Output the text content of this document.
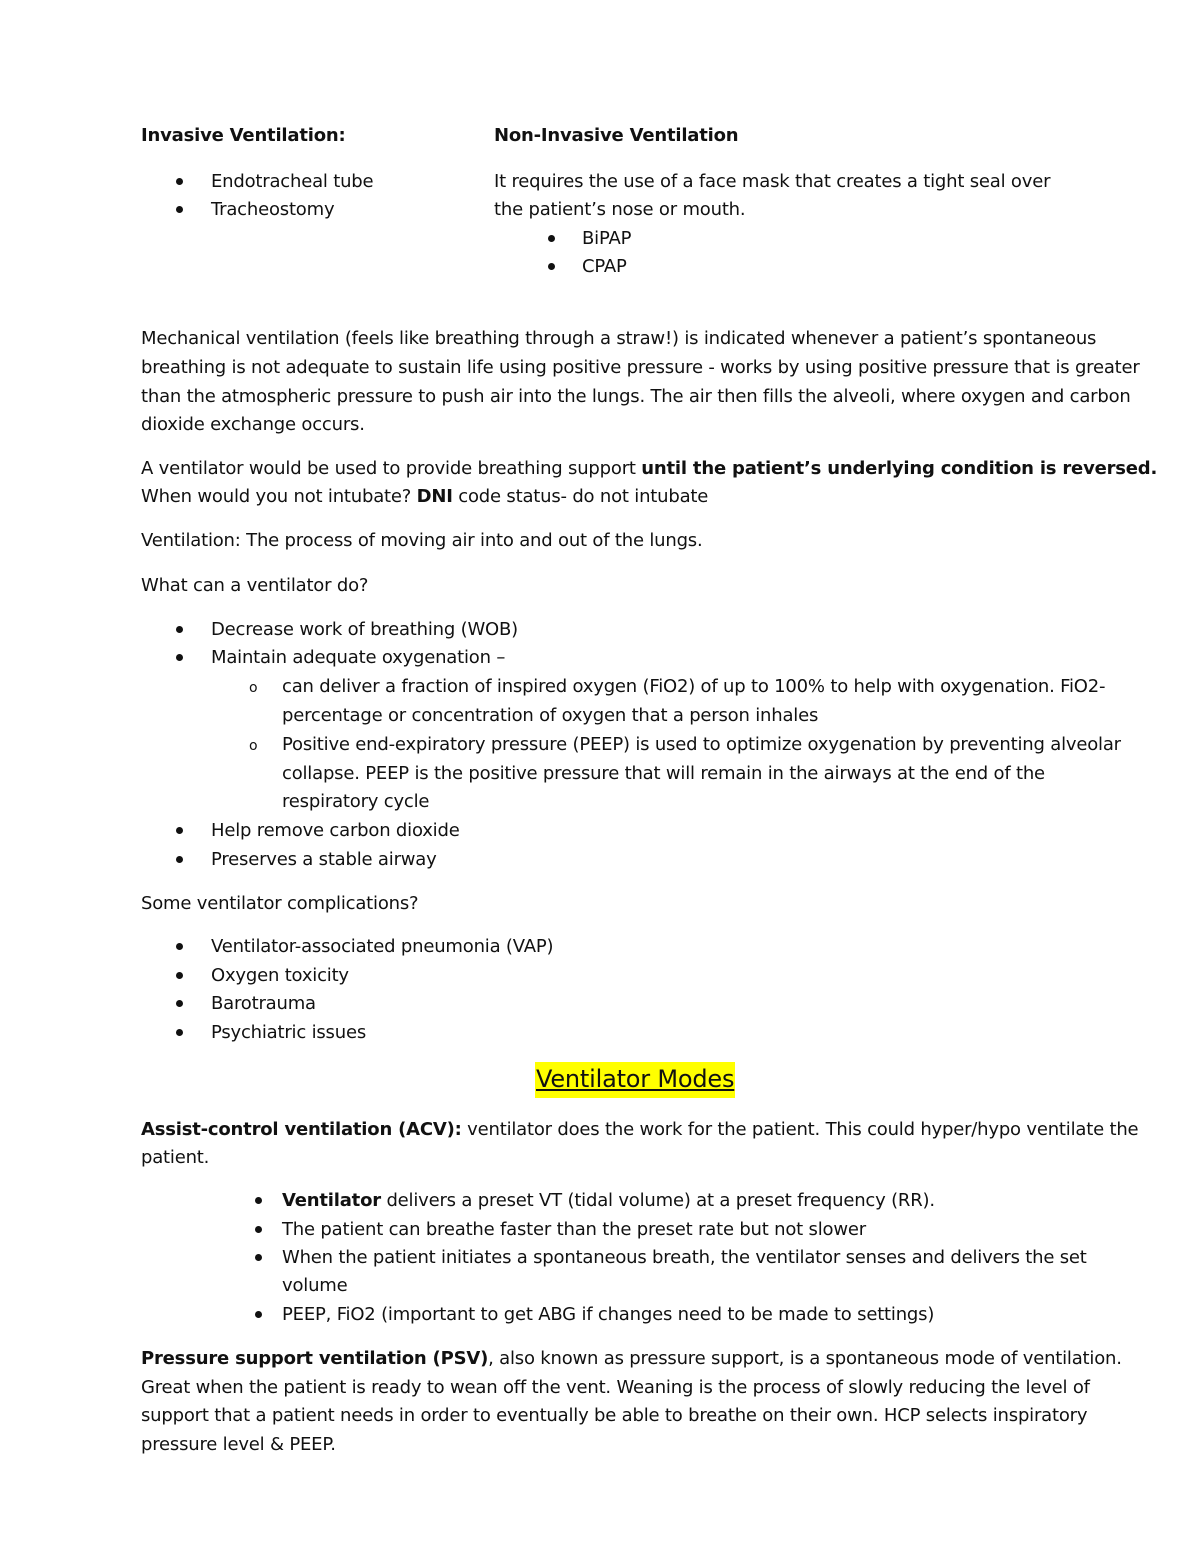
Invasive Ventilation:
Endotracheal tube
Tracheostomy
Non-Invasive Ventilation
It requires the use of a face mask that creates a tight seal over
the patient’s nose or mouth.
BiPAP
CPAP
Mechanical ventilation (feels like breathing through a straw!) is indicated whenever a patient’s spontaneous
breathing is not adequate to sustain life using positive pressure - works by using positive pressure that is greater
than the atmospheric pressure to push air into the lungs. The air then fills the alveoli, where oxygen and carbon
dioxide exchange occurs.
A ventilator would be used to provide breathing support until the patient’s underlying condition is reversed.
When would you not intubate? DNI code status- do not intubate
Ventilation: The process of moving air into and out of the lungs.
What can a ventilator do?
Decrease work of breathing (WOB)
Maintain adequate oxygenation –
o can deliver a fraction of inspired oxygen (FiO2) of up to 100% to help with oxygenation. FiO2-
percentage or concentration of oxygen that a person inhales
o Positive end-expiratory pressure (PEEP) is used to optimize oxygenation by preventing alveolar
collapse. PEEP is the positive pressure that will remain in the airways at the end of the
respiratory cycle
Help remove carbon dioxide
Preserves a stable airway
Some ventilator complications?
Ventilator-associated pneumonia (VAP)
Oxygen toxicity
Barotrauma
Psychiatric issues
Ventilator Modes
Assist-control ventilation (ACV): ventilator does the work for the patient. This could hyper/hypo ventilate the
patient.
Ventilator delivers a preset VT (tidal volume) at a preset frequency (RR).
The patient can breathe faster than the preset rate but not slower
When the patient initiates a spontaneous breath, the ventilator senses and delivers the set
volume
PEEP, FiO2 (important to get ABG if changes need to be made to settings)
Pressure support ventilation (PSV), also known as pressure support, is a spontaneous mode of ventilation.
Great when the patient is ready to wean off the vent. Weaning is the process of slowly reducing the level of
support that a patient needs in order to eventually be able to breathe on their own. HCP selects inspiratory
pressure level & PEEP.
